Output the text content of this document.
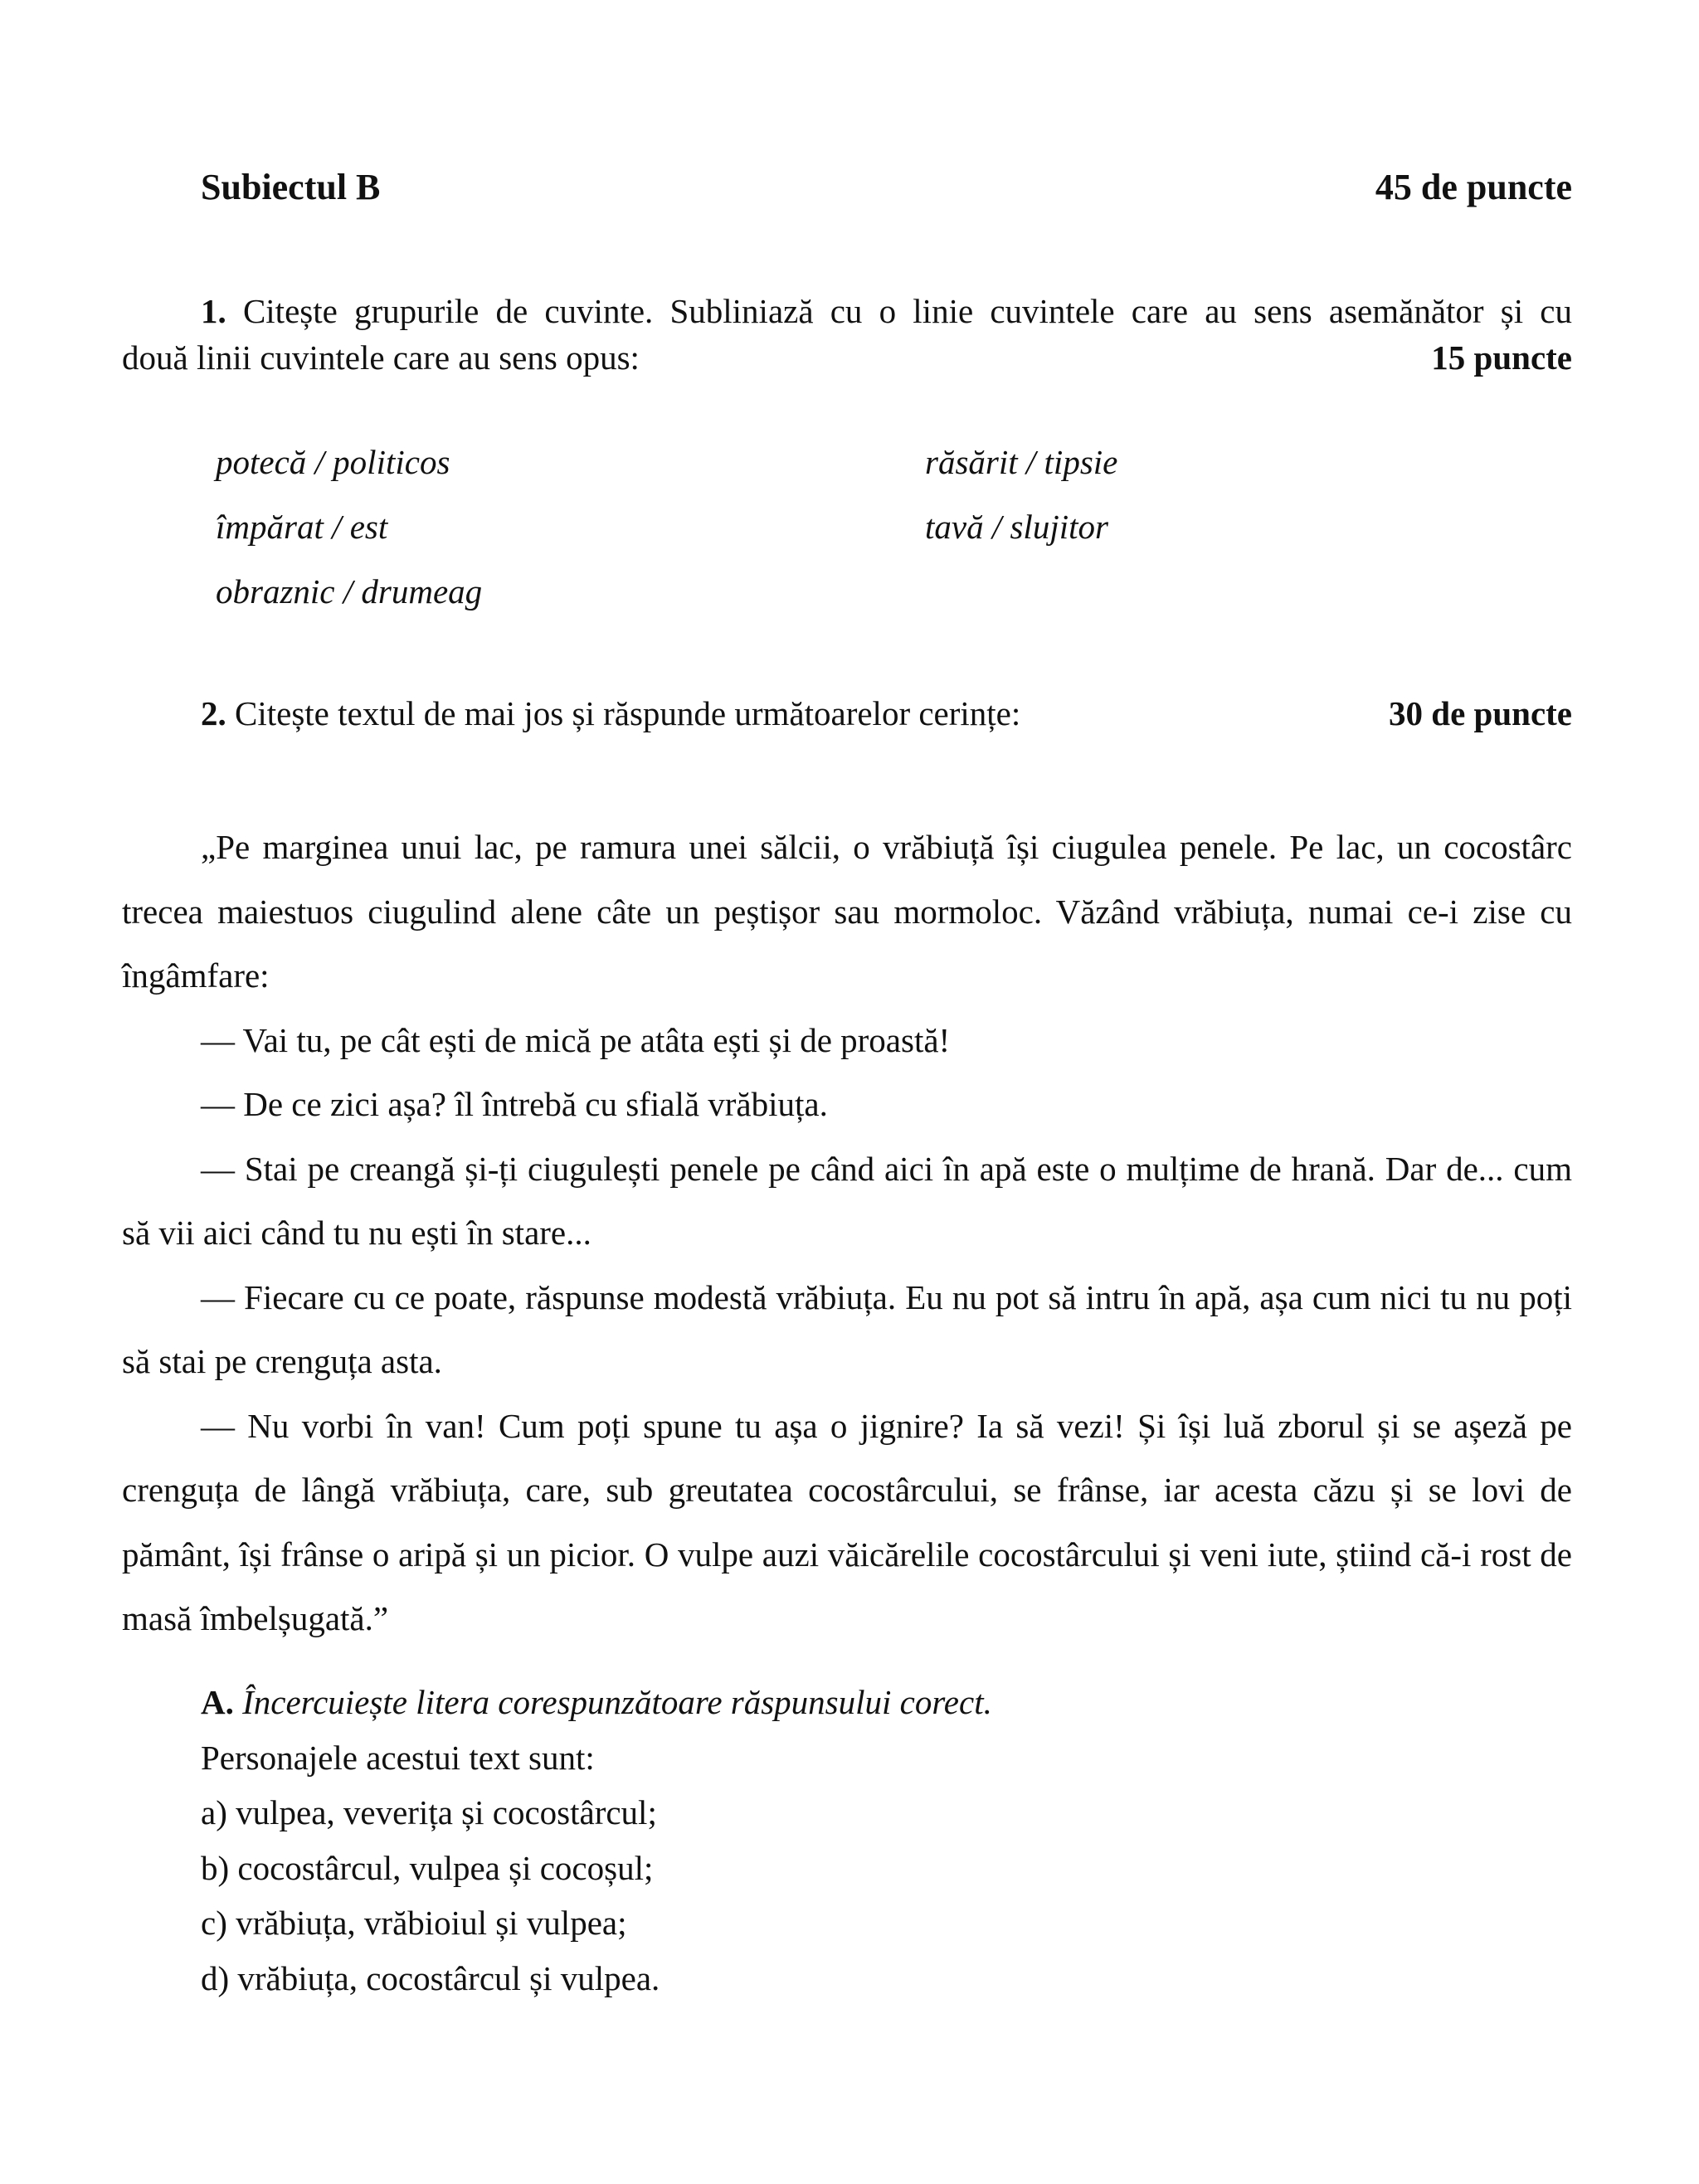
Subiectul B	45 de puncte
1. Citește grupurile de cuvinte. Subliniază cu o linie cuvintele care au sens asemănător și cu
două linii cuvintele care au sens opus:	15 puncte
potecă / politicos	răsărit / tipsie
împărat / est	tavă / slujitor
obraznic / drumeag
2. Citește textul de mai jos și răspunde următoarelor cerințe:	30 de puncte

„Pe marginea unui lac, pe ramura unei sălcii, o vrăbiuță își ciugulea penele. Pe lac, un cocostârc trecea maiestuos ciugulind alene câte un peștișor sau mormoloc. Văzând vrăbiuța, numai ce-i zise cu îngâmfare:

— Vai tu, pe cât ești de mică pe atâta ești și de proastă!

— De ce zici așa? îl întrebă cu sfială vrăbiuța.

— Stai pe creangă și-ți ciugulești penele pe când aici în apă este o mulțime de hrană. Dar de... cum să vii aici când tu nu ești în stare...

— Fiecare cu ce poate, răspunse modestă vrăbiuța. Eu nu pot să intru în apă, așa cum nici tu nu poți să stai pe crenguța asta.

— Nu vorbi în van! Cum poți spune tu așa o jignire? Ia să vezi! Și își luă zborul și se așeză pe crenguța de lângă vrăbiuța, care, sub greutatea cocostârcului, se frânse, iar acesta căzu și se lovi de pământ, își frânse o aripă și un picior. O vulpe auzi văicărelile cocostârcului și veni iute, știind că-i rost de masă îmbelșugată.”

A. Încercuiește litera corespunzătoare răspunsului corect.
Personajele acestui text sunt:
a) vulpea, veverița și cocostârcul;
b) cocostârcul, vulpea și cocoșul;
c) vrăbiuța, vrăbioiul și vulpea;
d) vrăbiuța, cocostârcul și vulpea.
